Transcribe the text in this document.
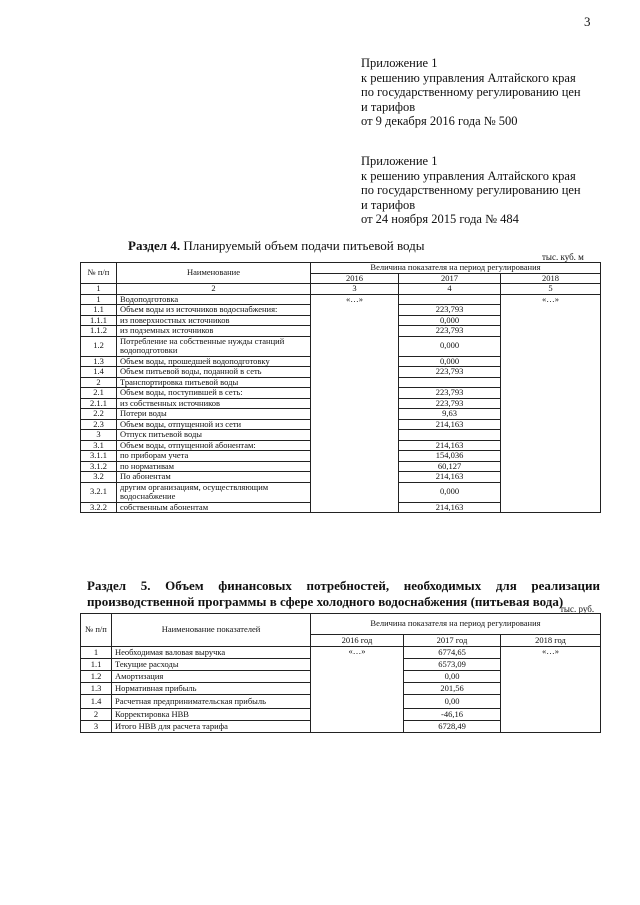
3
Приложение 1
к решению управления Алтайского края
по государственному регулированию цен
и тарифов
от 9 декабря 2016 года № 500
Приложение 1
к решению управления Алтайского края
по государственному регулированию цен
и тарифов
от 24 ноября 2015 года № 484
Раздел 4. Планируемый объем подачи питьевой воды
тыс. куб. м
№ п/п	Наименование	Величина показателя на период регулирования		
		2016	2017	2018
1	2	3	4	5
1	Водоподготовка	«…»		«…»
1.1	Объем воды из источников водоснабжения:		223,793	
1.1.1	из поверхностных источников		0,000	
1.1.2	из подземных источников		223,793	
1.2	Потребление на собственные нужды станций водоподготовки		0,000	
1.3	Объем воды, прошедшей водоподготовку		0,000	
1.4	Объем питьевой воды, поданной в сеть		223,793	
2	Транспортировка питьевой воды			
2.1	Объем воды, поступившей в сеть:		223,793	
2.1.1	из собственных источников		223,793	
2.2	Потери воды		9,63	
2.3	Объем воды, отпущенной из сети		214,163	
3	Отпуск питьевой воды			
3.1	Объем воды, отпущенной абонентам:		214,163	
3.1.1	по приборам учета		154,036	
3.1.2	по нормативам		60,127	
3.2	По абонентам		214,163	
3.2.1	другим организациям, осуществляющим водоснабжение		0,000	
3.2.2	собственным абонентам		214,163	
Раздел 5. Объем финансовых потребностей, необходимых для реализации производственной программы в сфере холодного водоснабжения (питьевая вода)
тыс. руб.
№ п/п	Наименование показателей	Величина показателя на период регулирования		
		2016 год	2017 год	2018 год
1	Необходимая валовая выручка	«…»	6774,65	«…»
1.1	Текущие расходы		6573,09	
1.2	Амортизация		0,00	
1.3	Нормативная прибыль		201,56	
1.4	Расчетная предпринимательская прибыль		0,00	
2	Корректировка НВВ		-46,16	
3	Итого НВВ для расчета тарифа		6728,49	
